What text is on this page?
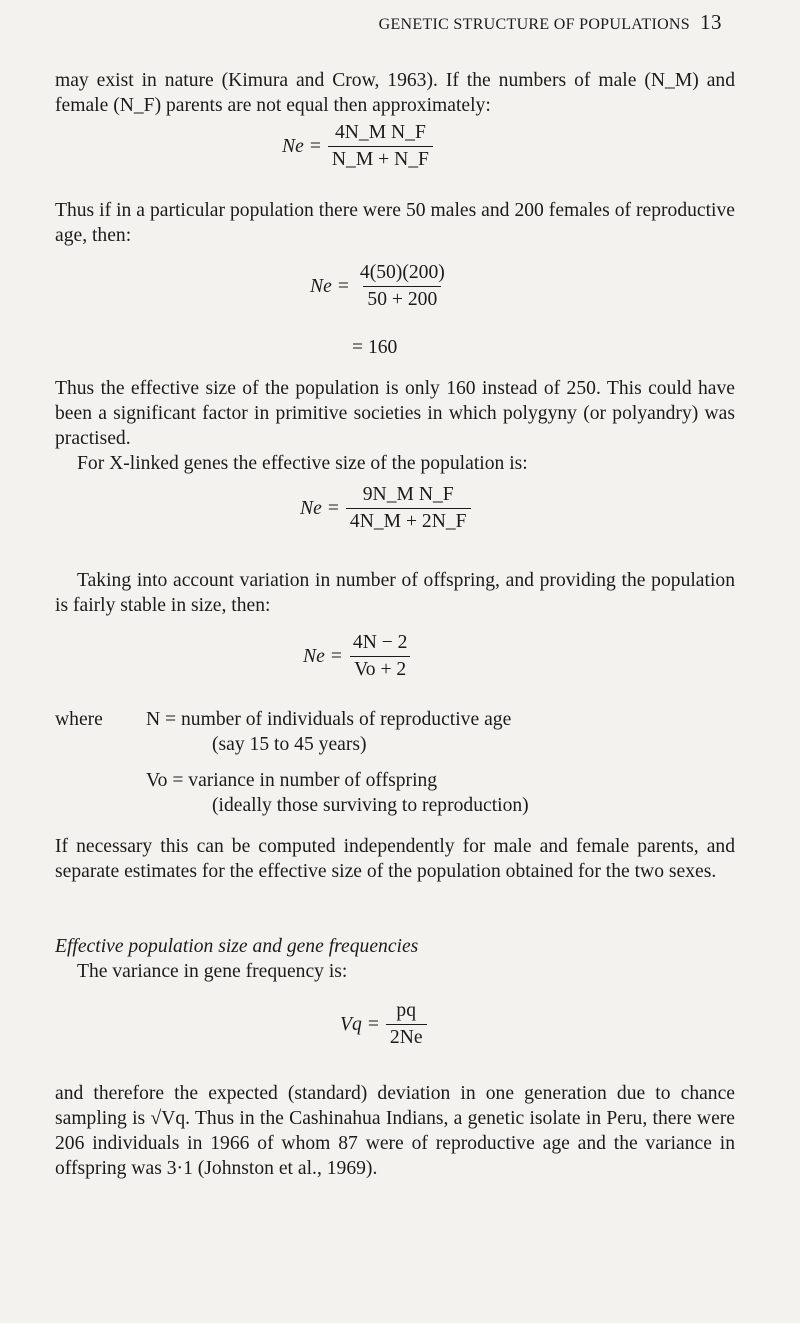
GENETIC STRUCTURE OF POPULATIONS 13

may exist in nature (Kimura and Crow, 1963). If the numbers of male (N_M) and female (N_F) parents are not equal then approximately:

$Ne = \frac{\text{4N\_M N\_F}}{N\_M + N\_F}$

Thus if in a particular population there were 50 males and 200 females of reproductive age, then:

$Ne = \frac{4(50)(200)}{50 + 200}$
= 160

Thus the effective size of the population is only 160 instead of 250. This could have been a significant factor in primitive societies in which polygyny (or polyandry) was practised.

For X-linked genes the effective size of the population is:

$Ne = \frac{\text{9N\_M N\_F}}{4N\_M + 2N\_F}$

Taking into account variation in number of offspring, and providing the population is fairly stable in size, then:

$Ne = \frac{4N - 2}{Vo + 2}$
where N = number of individuals of reproductive age
(say 15 to 45 years)
Vo = variance in number of offspring
(ideally those surviving to reproduction)

If necessary this can be computed independently for male and female parents, and separate estimates for the effective size of the population obtained for the two sexes.

Effective population size and gene frequencies

The variance in gene frequency is:

$Vq = \frac{pq}{2Ne}$

and therefore the expected (standard) deviation in one generation due to chance sampling is √Vq. Thus in the Cashinahua Indians, a genetic isolate in Peru, there were 206 individuals in 1966 of whom 87 were of reproductive age and the variance in offspring was 3·1 (Johnston et al., 1969).
